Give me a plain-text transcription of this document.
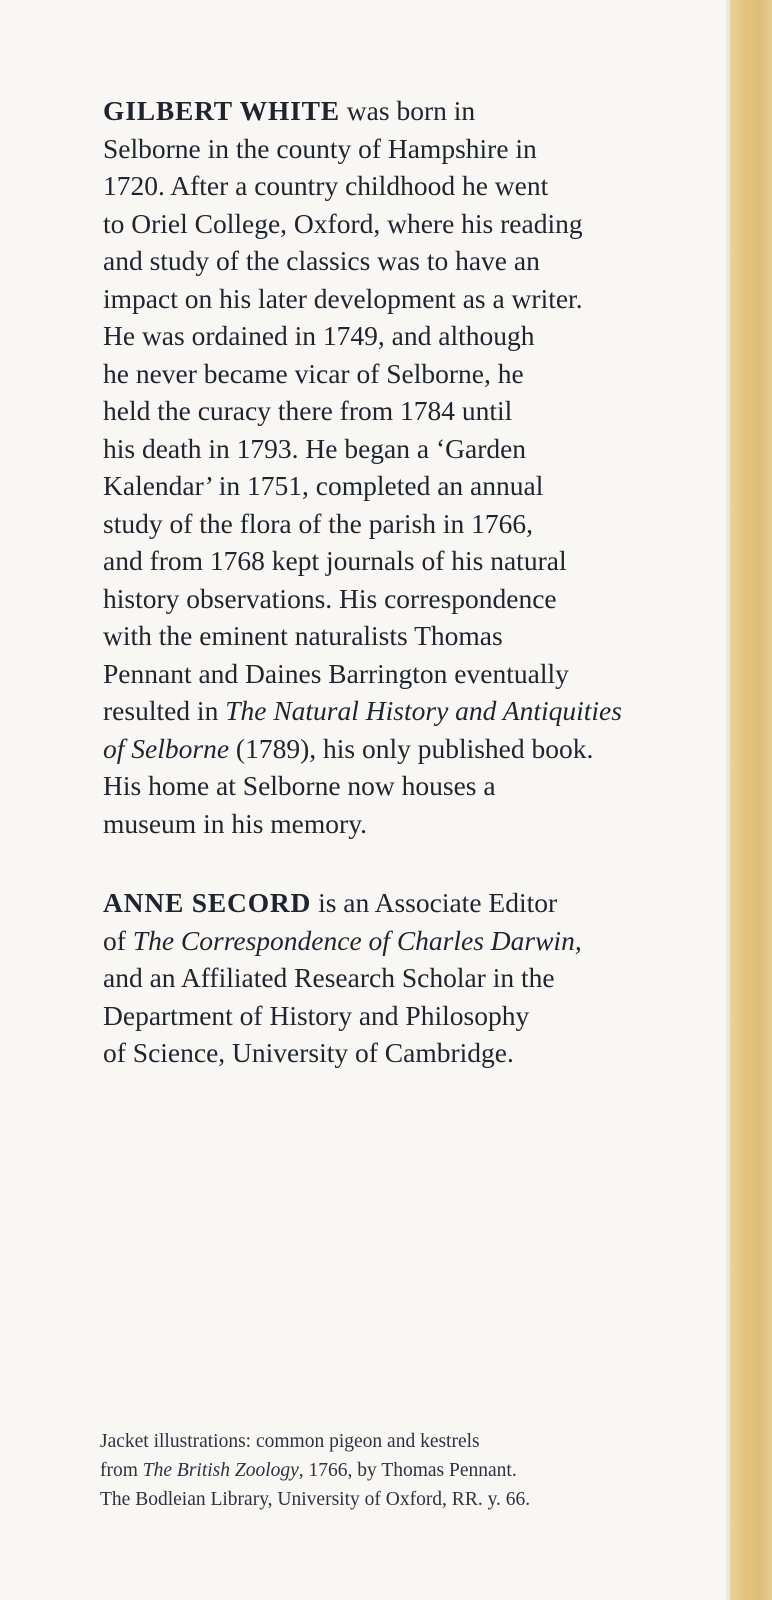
GILBERT WHITE was born in
Selborne in the county of Hampshire in
1720. After a country childhood he went
to Oriel College, Oxford, where his reading
and study of the classics was to have an
impact on his later development as a writer.
He was ordained in 1749, and although
he never became vicar of Selborne, he
held the curacy there from 1784 until
his death in 1793. He began a ‘Garden
Kalendar’ in 1751, completed an annual
study of the flora of the parish in 1766,
and from 1768 kept journals of his natural
history observations. His correspondence
with the eminent naturalists Thomas
Pennant and Daines Barrington eventually
resulted in The Natural History and Antiquities
of Selborne (1789), his only published book.
His home at Selborne now houses a
museum in his memory.

ANNE SECORD is an Associate Editor
of The Correspondence of Charles Darwin,
and an Affiliated Research Scholar in the
Department of History and Philosophy
of Science, University of Cambridge.

Jacket illustrations: common pigeon and kestrels
from The British Zoology, 1766, by Thomas Pennant.
The Bodleian Library, University of Oxford, RR. y. 66.
